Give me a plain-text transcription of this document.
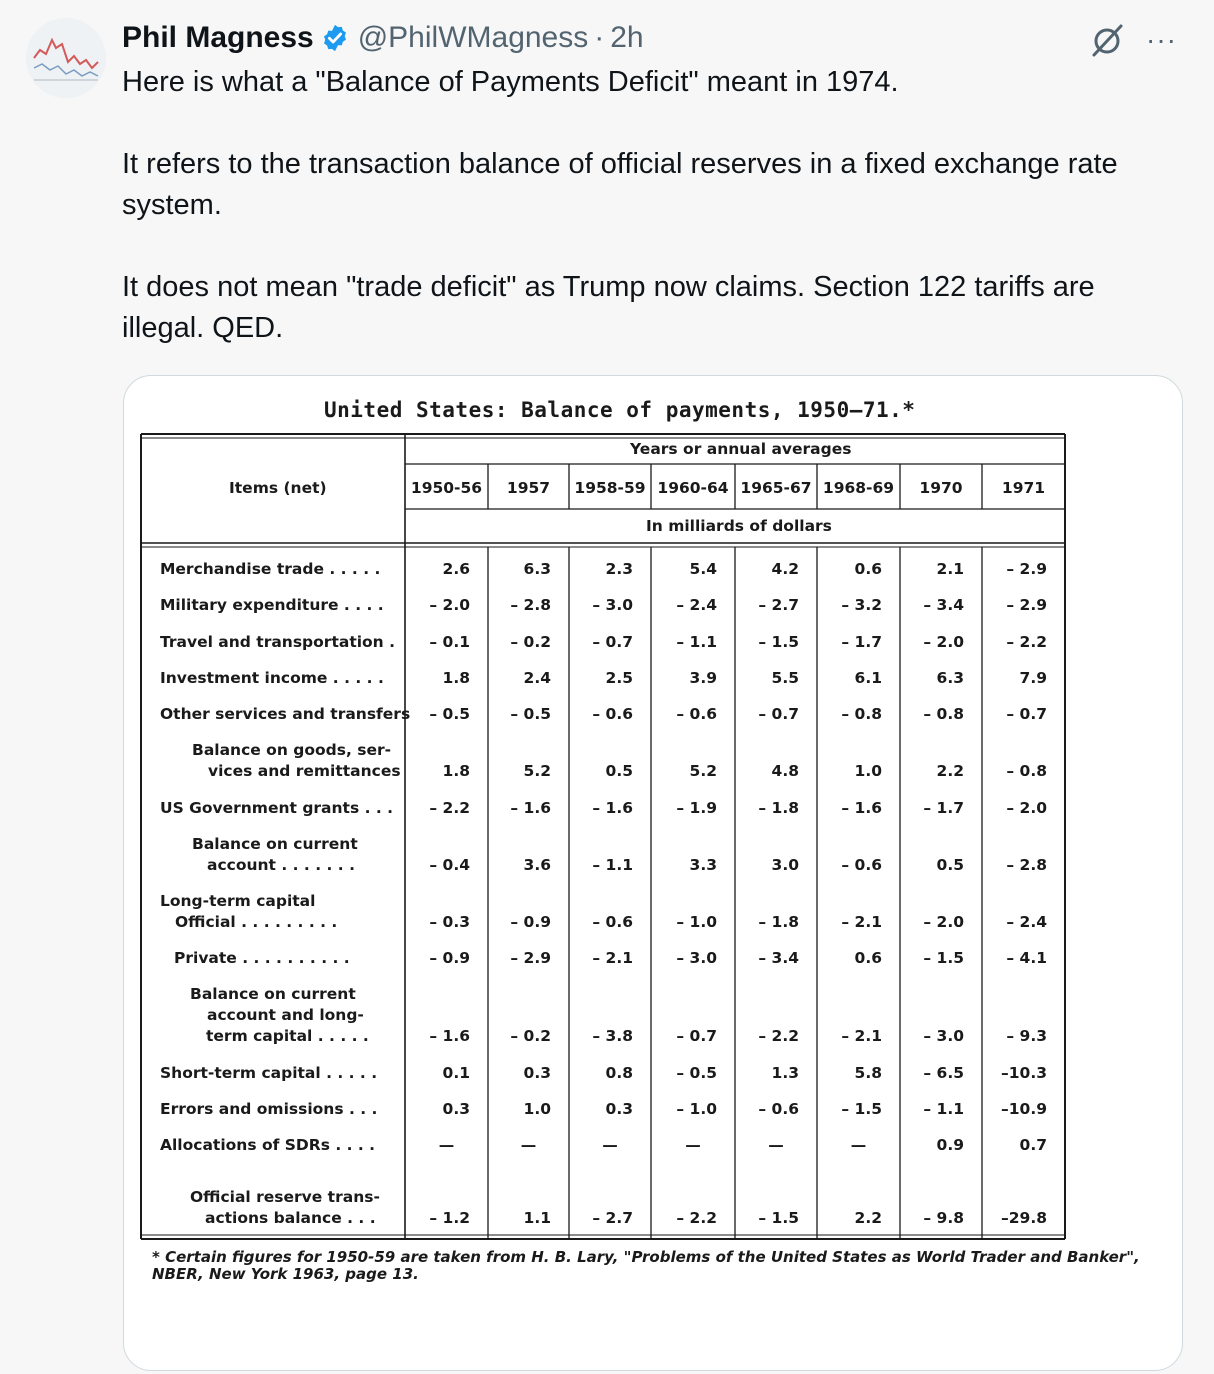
Phil Magness @PhilWMagness · 2h	···

Here is what a "Balance of Payments Deficit" meant in 1974.

It refers to the transaction balance of official reserves in a fixed exchange rate system.

It does not mean "trade deficit" as Trump now claims. Section 122 tariffs are illegal. QED.

United States: Balance of payments, 1950–71.*
Items (net)
Years or annual averages
In milliards of dollars
1950-56	1957	1958-59 1960-64 1965-67 1968-69	1970	1971
Merchandise trade . . . . .	2.6	6.3	2.3	5.4	4.2	0.6	2.1	– 2.9
Military expenditure . . . .	– 2.0	– 2.8	– 3.0	– 2.4	– 2.7	– 3.2	– 3.4	– 2.9
Travel and transportation .	– 0.1	– 0.2	– 0.7	– 1.1	– 1.5	– 1.7	– 2.0	– 2.2
Investment income . . . . .	1.8	2.4	2.5	3.9	5.5	6.1	6.3	7.9
Other services and transfers	– 0.5	– 0.5	– 0.6	– 0.6	– 0.7	– 0.8	– 0.8	– 0.7
Balance on goods, ser-
vices and remittances	1.8	5.2	0.5	5.2	4.8	1.0	2.2	– 0.8
US Government grants . . .	– 2.2	– 1.6	– 1.6	– 1.9	– 1.8	– 1.6	– 1.7	– 2.0
Balance on current
account . . . . . . .	– 0.4	3.6	– 1.1	3.3	3.0	– 0.6	0.5	– 2.8
Long-term capital
Official . . . . . . . . .	– 0.3	– 0.9	– 0.6	– 1.0	– 1.8	– 2.1	– 2.0	– 2.4
Private . . . . . . . . . .	– 0.9	– 2.9	– 2.1	– 3.0	– 3.4	0.6	– 1.5	– 4.1
Balance on current
account and long-
term capital . . . . .	– 1.6	– 0.2	– 3.8	– 0.7	– 2.2	– 2.1	– 3.0	– 9.3
Short-term capital . . . . .	0.1	0.3	0.8	– 0.5	1.3	5.8	– 6.5	–10.3
Errors and omissions . . .	0.3	1.0	0.3	– 1.0	– 0.6	– 1.5	– 1.1	–10.9
Allocations of SDRs . . . .	—	—	—	—	—	—	0.9	0.7
Official reserve trans-
actions balance . . .	– 1.2	1.1	– 2.7	– 2.2	– 1.5	2.2	– 9.8	–29.8
* Certain figures for 1950-59 are taken from H. B. Lary, "Problems of the United States as World Trader and Banker", NBER, New York 1963, page 13.
